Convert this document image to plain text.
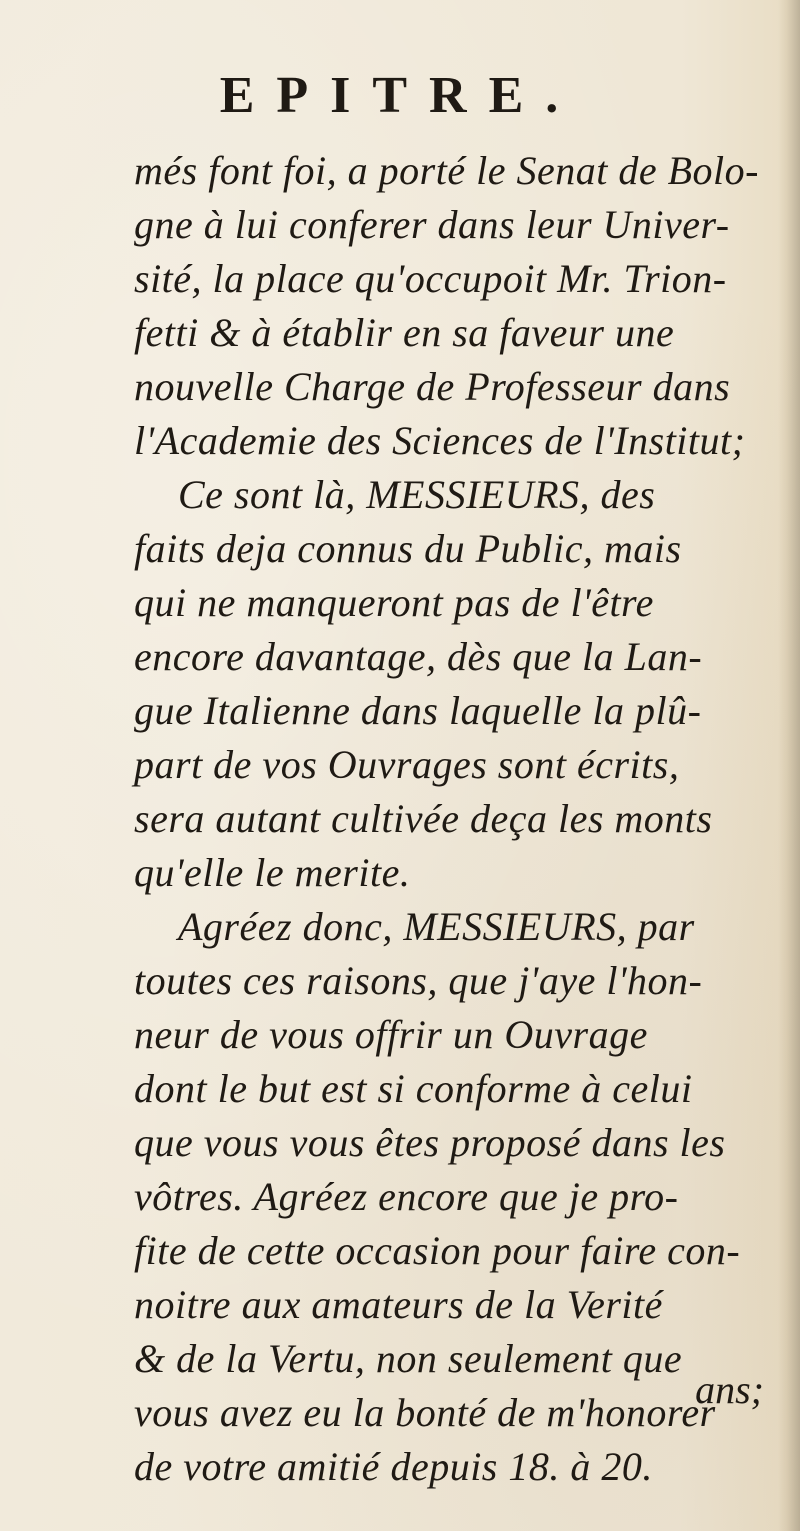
EPITRE.
més font foi, a porté le Senat de Bolo-
gne à lui conferer dans leur Univer-
sité, la place qu'occupoit Mr. Trion-
fetti & à établir en sa faveur une
nouvelle Charge de Professeur dans
l'Academie des Sciences de l'Institut;
Ce sont là, MESSIEURS, des
faits deja connus du Public, mais
qui ne manqueront pas de l'être
encore davantage, dès que la Lan-
gue Italienne dans laquelle la plû-
part de vos Ouvrages sont écrits,
sera autant cultivée deça les monts
qu'elle le merite.
Agréez donc, MESSIEURS, par
toutes ces raisons, que j'aye l'hon-
neur de vous offrir un Ouvrage
dont le but est si conforme à celui
que vous vous êtes proposé dans les
vôtres. Agréez encore que je pro-
fite de cette occasion pour faire con-
noitre aux amateurs de la Verité
& de la Vertu, non seulement que
vous avez eu la bonté de m'honorer
de votre amitié depuis 18. à 20.
ans;
